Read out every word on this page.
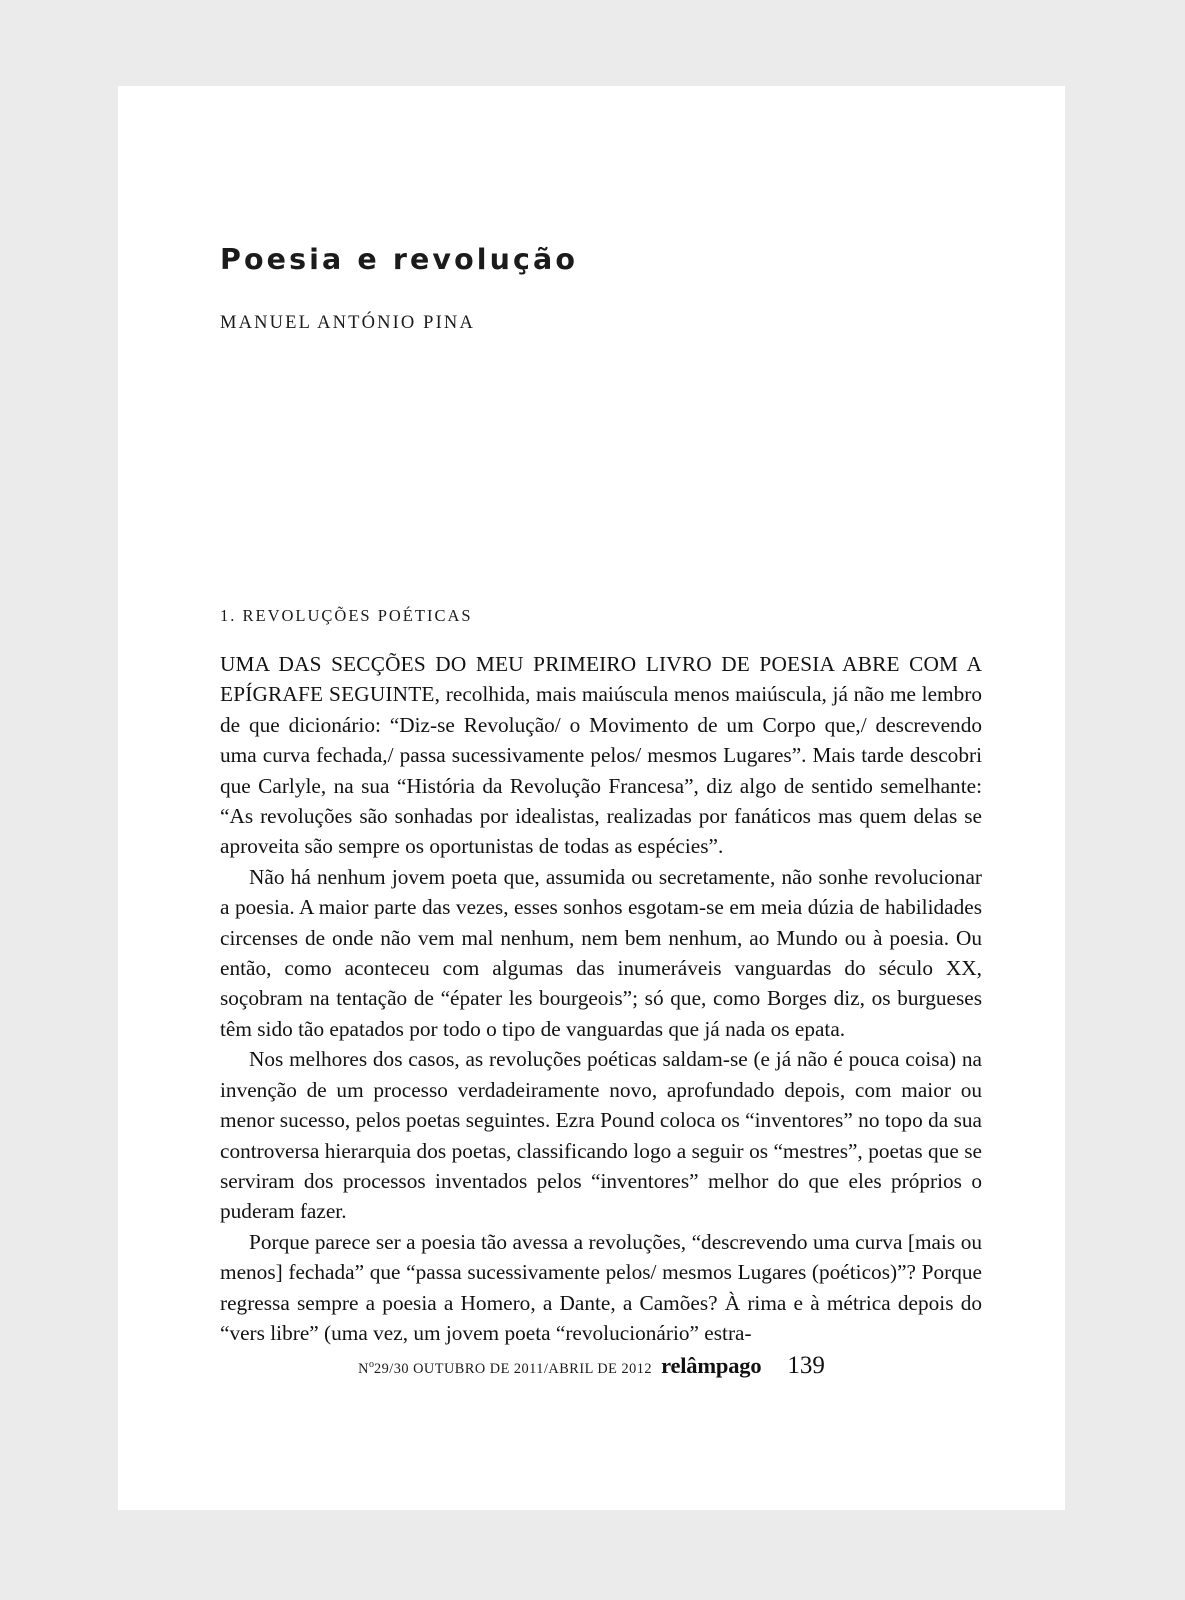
Poesia e revolução
MANUEL ANTÓNIO PINA
1. REVOLUÇÕES POÉTICAS

UMA DAS SECÇÕES DO MEU PRIMEIRO LIVRO DE POESIA ABRE COM A EPÍGRAFE SEGUINTE, recolhida, mais maiúscula menos maiúscula, já não me lembro de que dicionário: “Diz-se Revolução/ o Movimento de um Corpo que,/ descrevendo uma curva fechada,/ passa sucessivamente pelos/ mesmos Lugares”. Mais tarde descobri que Carlyle, na sua “História da Revolução Francesa”, diz algo de sentido semelhante: “As revoluções são sonhadas por idealistas, realizadas por fanáticos mas quem delas se aproveita são sempre os oportunistas de todas as espécies”.

Não há nenhum jovem poeta que, assumida ou secretamente, não sonhe revolucionar a poesia. A maior parte das vezes, esses sonhos esgotam-se em meia dúzia de habilidades circenses de onde não vem mal nenhum, nem bem nenhum, ao Mundo ou à poesia. Ou então, como aconteceu com algumas das inumeráveis vanguardas do século XX, soçobram na tentação de “épater les bourgeois”; só que, como Borges diz, os burgueses têm sido tão epatados por todo o tipo de vanguardas que já nada os epata.

Nos melhores dos casos, as revoluções poéticas saldam-se (e já não é pouca coisa) na invenção de um processo verdadeiramente novo, aprofundado depois, com maior ou menor sucesso, pelos poetas seguintes. Ezra Pound coloca os “inventores” no topo da sua controversa hierarquia dos poetas, classificando logo a seguir os “mestres”, poetas que se serviram dos processos inventados pelos “inventores” melhor do que eles próprios o puderam fazer.

Porque parece ser a poesia tão avessa a revoluções, “descrevendo uma curva [mais ou menos] fechada” que “passa sucessivamente pelos/ mesmos Lugares (poéticos)”? Porque regressa sempre a poesia a Homero, a Dante, a Camões? À rima e à métrica depois do “vers libre” (uma vez, um jovem poeta “revolucionário” estra-

$N^o29/30$ OUTUBRO DE 2011/ABRIL DE 2012 relâmpago 139
